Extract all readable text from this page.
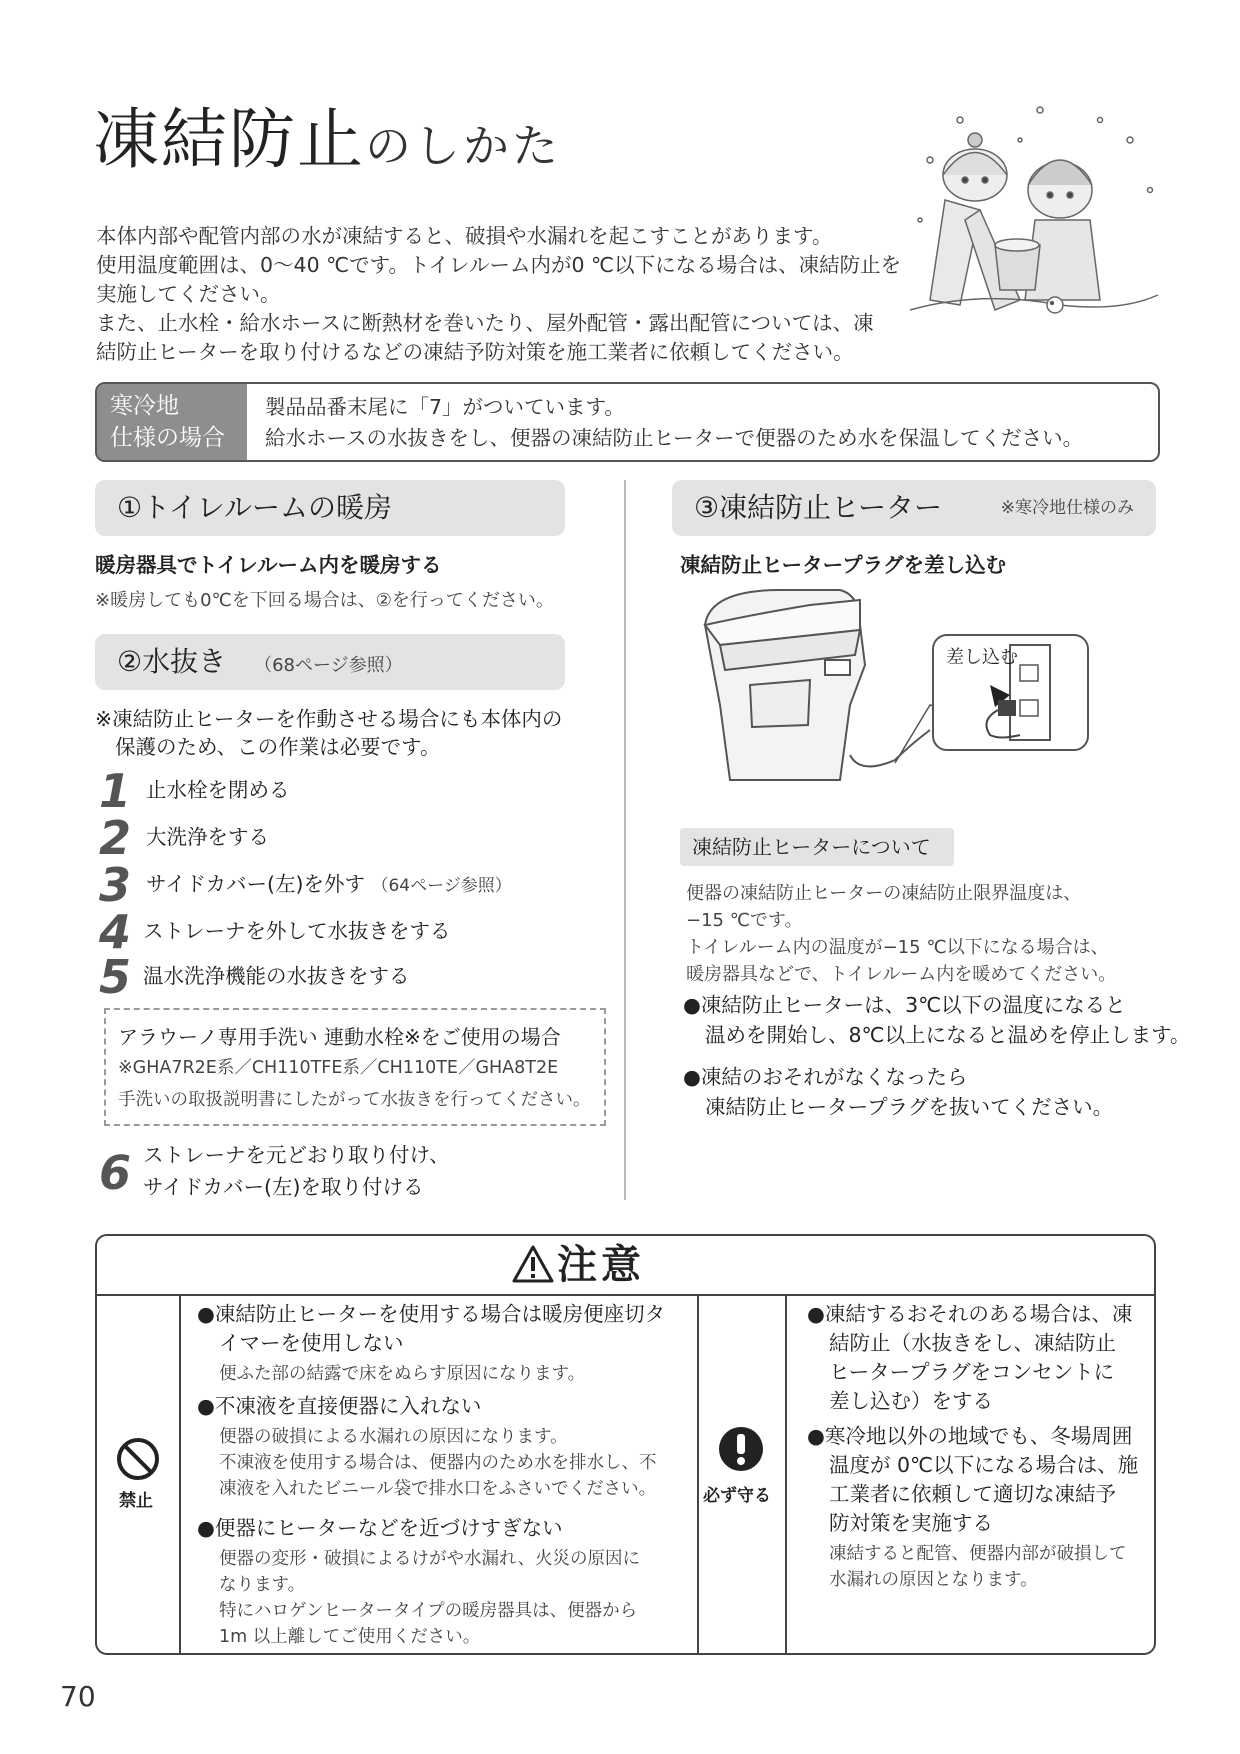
凍結防止のしかた

本体内部や配管内部の水が凍結すると、破損や水漏れを起こすことがあります。

使用温度範囲は、0〜40 ℃です。トイレルーム内が0 ℃以下になる場合は、凍結防止を

実施してください。

また、止水栓・給水ホースに断熱材を巻いたり、屋外配管・露出配管については、凍

結防止ヒーターを取り付けるなどの凍結予防対策を施工業者に依頼してください。

寒冷地
仕様の場合

製品品番末尾に「7」がついています。

給水ホースの水抜きをし、便器の凍結防止ヒーターで便器のため水を保温してください。

①トイレルームの暖房
暖房器具でトイレルーム内を暖房する
※暖房しても0℃を下回る場合は、②を行ってください。
②水抜き （68ページ参照）
※凍結防止ヒーターを作動させる場合にも本体内の
保護のため、この作業は必要です。
1 止水栓を閉める
2 大洗浄をする
3 サイドカバー(左)を外す （64ページ参照）
4 ストレーナを外して水抜きをする
5 温水洗浄機能の水抜きをする
アラウーノ専用手洗い 連動水栓※をご使用の場合
※GHA7R2E系／CH110TFE系／CH110TE／GHA8T2E
手洗いの取扱説明書にしたがって水抜きを行ってください。
6 ストレーナを元どおり取り付け、
サイドカバー(左)を取り付ける
③凍結防止ヒーター	※寒冷地仕様のみ
凍結防止ヒータープラグを差し込む
差し込む
凍結防止ヒーターについて

便器の凍結防止ヒーターの凍結防止限界温度は、

−15 ℃です。

トイレルーム内の温度が−15 ℃以下になる場合は、

暖房器具などで、トイレルーム内を暖めてください。

●凍結防止ヒーターは、3℃以下の温度になると

温めを開始し、8℃以上になると温めを停止します。

●凍結のおそれがなくなったら

凍結防止ヒータープラグを抜いてください。

注意
禁止	必ず守る

●凍結防止ヒーターを使用する場合は暖房便座切タ

イマーを使用しない

便ふた部の結露で床をぬらす原因になります。

●不凍液を直接便器に入れない

便器の破損による水漏れの原因になります。

不凍液を使用する場合は、便器内のため水を排水し、不

凍液を入れたビニール袋で排水口をふさいでください。

●便器にヒーターなどを近づけすぎない

便器の変形・破損によるけがや水漏れ、火災の原因に

なります。

特にハロゲンヒータータイプの暖房器具は、便器から

1m 以上離してご使用ください。

●凍結するおそれのある場合は、凍

結防止（水抜きをし、凍結防止

ヒータープラグをコンセントに

差し込む）をする

●寒冷地以外の地域でも、冬場周囲

温度が 0℃以下になる場合は、施

工業者に依頼して適切な凍結予

防対策を実施する

凍結すると配管、便器内部が破損して

水漏れの原因となります。

70
